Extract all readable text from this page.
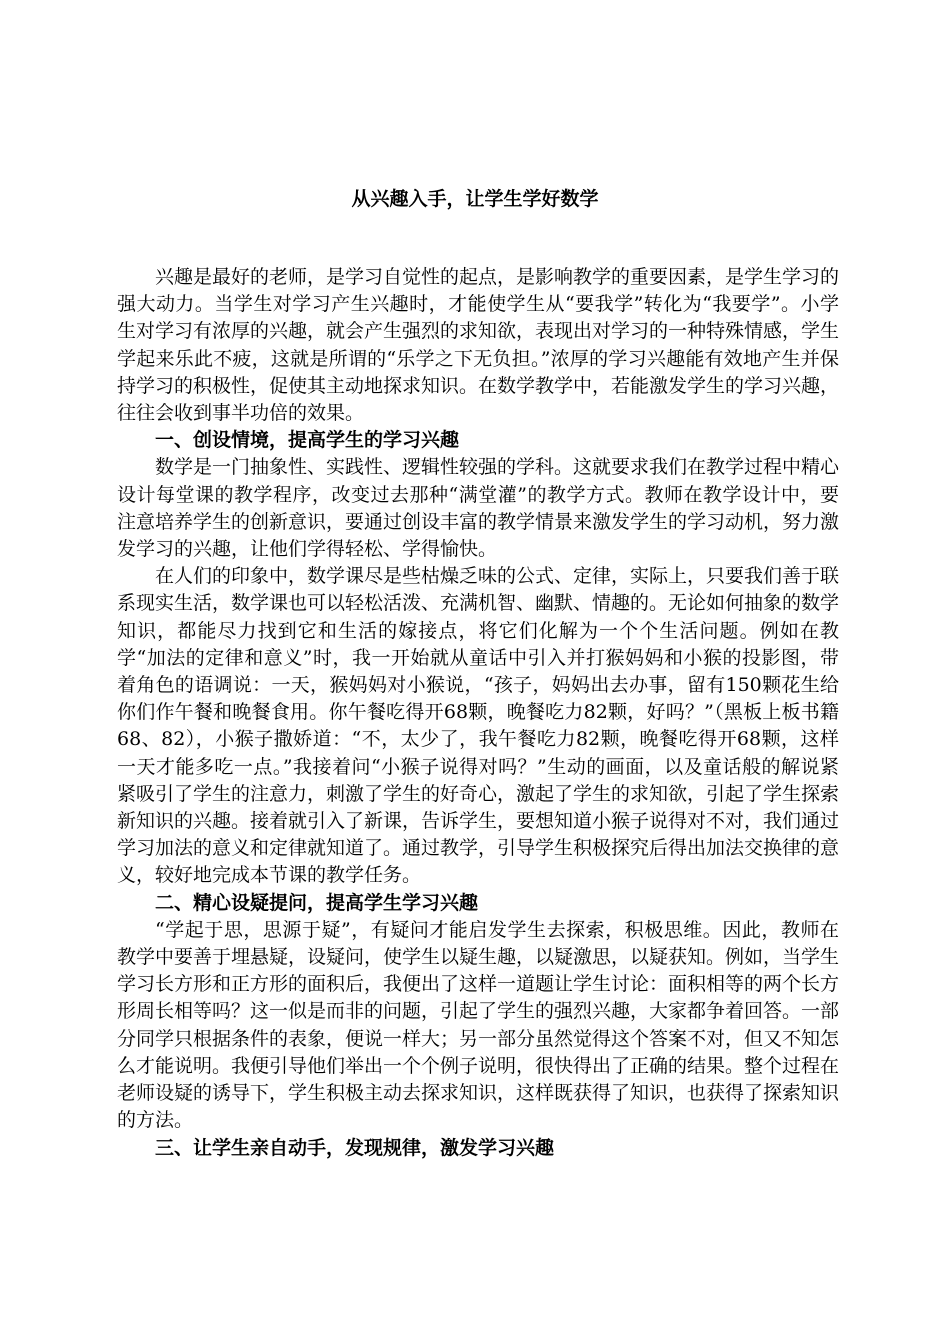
从兴趣入手，让学生学好数学

兴趣是最好的老师，是学习自觉性的起点，是影响教学的重要因素，是学生学习的强大动力。当学生对学习产生兴趣时，才能使学生从“要我学”转化为“我要学”。小学生对学习有浓厚的兴趣，就会产生强烈的求知欲，表现出对学习的一种特殊情感，学生学起来乐此不疲，这就是所谓的“乐学之下无负担。”浓厚的学习兴趣能有效地产生并保持学习的积极性，促使其主动地探求知识。在数学教学中，若能激发学生的学习兴趣，往往会收到事半功倍的效果。

一、创设情境，提高学生的学习兴趣

数学是一门抽象性、实践性、逻辑性较强的学科。这就要求我们在教学过程中精心设计每堂课的教学程序，改变过去那种“满堂灌”的教学方式。教师在教学设计中，要注意培养学生的创新意识，要通过创设丰富的教学情景来激发学生的学习动机，努力激发学习的兴趣，让他们学得轻松、学得愉快。

在人们的印象中，数学课尽是些枯燥乏味的公式、定律，实际上，只要我们善于联系现实生活，数学课也可以轻松活泼、充满机智、幽默、情趣的。无论如何抽象的数学知识，都能尽力找到它和生活的嫁接点，将它们化解为一个个生活问题。例如在教学“加法的定律和意义”时，我一开始就从童话中引入并打猴妈妈和小猴的投影图，带着角色的语调说：一天，猴妈妈对小猴说，“孩子，妈妈出去办事，留有150颗花生给你们作午餐和晚餐食用。你午餐吃得开68颗，晚餐吃力82颗，好吗？”（黑板上板书籍68、82），小猴子撒娇道：“不，太少了，我午餐吃力82颗，晚餐吃得开68颗，这样一天才能多吃一点。”我接着问“小猴子说得对吗？”生动的画面，以及童话般的解说紧紧吸引了学生的注意力，刺激了学生的好奇心，激起了学生的求知欲，引起了学生探索新知识的兴趣。接着就引入了新课，告诉学生，要想知道小猴子说得对不对，我们通过学习加法的意义和定律就知道了。通过教学，引导学生积极探究后得出加法交换律的意义，较好地完成本节课的教学任务。

二、精心设疑提问，提高学生学习兴趣

“学起于思，思源于疑”，有疑问才能启发学生去探索，积极思维。因此，教师在教学中要善于埋悬疑，设疑问，使学生以疑生趣，以疑激思，以疑获知。例如，当学生学习长方形和正方形的面积后，我便出了这样一道题让学生讨论：面积相等的两个长方形周长相等吗？这一似是而非的问题，引起了学生的强烈兴趣，大家都争着回答。一部分同学只根据条件的表象，便说一样大；另一部分虽然觉得这个答案不对，但又不知怎么才能说明。我便引导他们举出一个个例子说明，很快得出了正确的结果。整个过程在老师设疑的诱导下，学生积极主动去探求知识，这样既获得了知识，也获得了探索知识的方法。

三、让学生亲自动手，发现规律，激发学习兴趣
